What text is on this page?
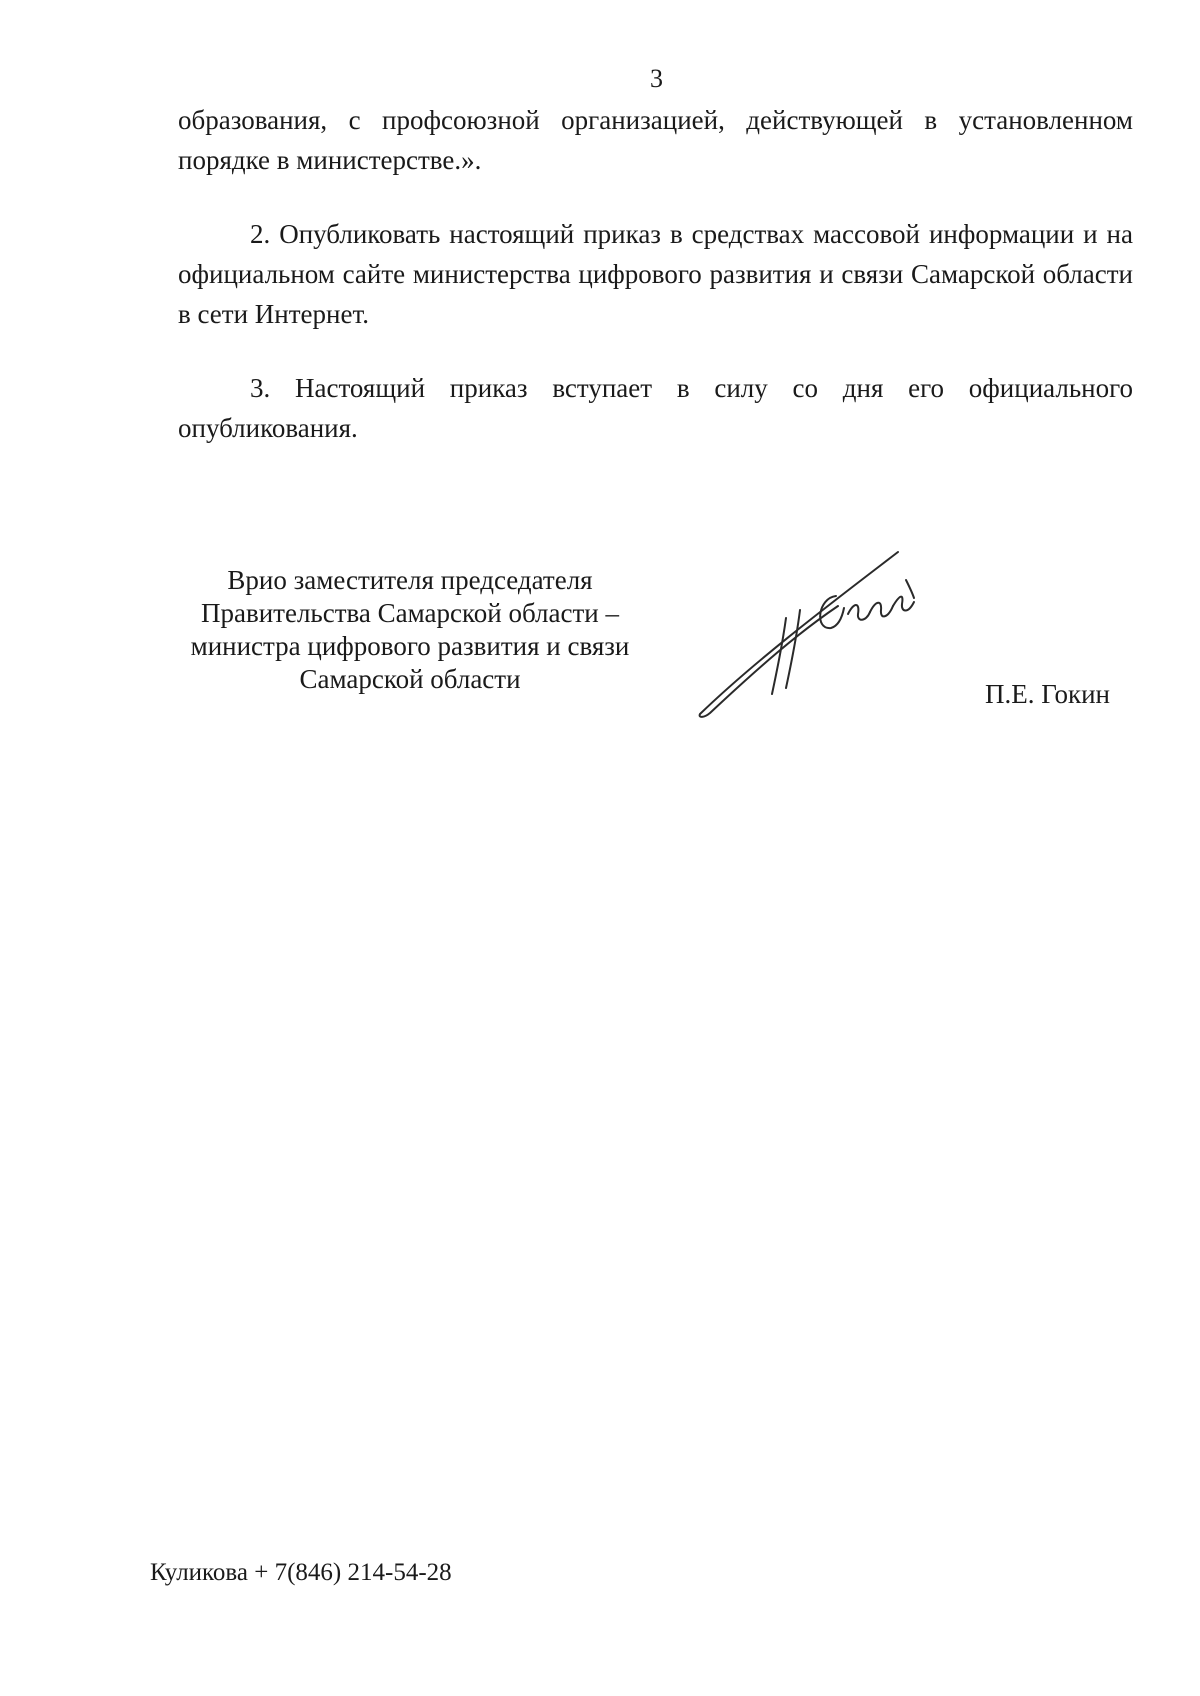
3

образования, с профсоюзной организацией, действующей в установленном порядке в министерстве.».

2. Опубликовать настоящий приказ в средствах массовой информации и на официальном сайте министерства цифрового развития и связи Самарской области в сети Интернет.

3. Настоящий приказ вступает в силу со дня его официального опубликования.

Врио заместителя председателя
Правительства Самарской области –
министра цифрового развития и связи
Самарской области	П.Е. Гокин
Куликова + 7(846) 214-54-28
